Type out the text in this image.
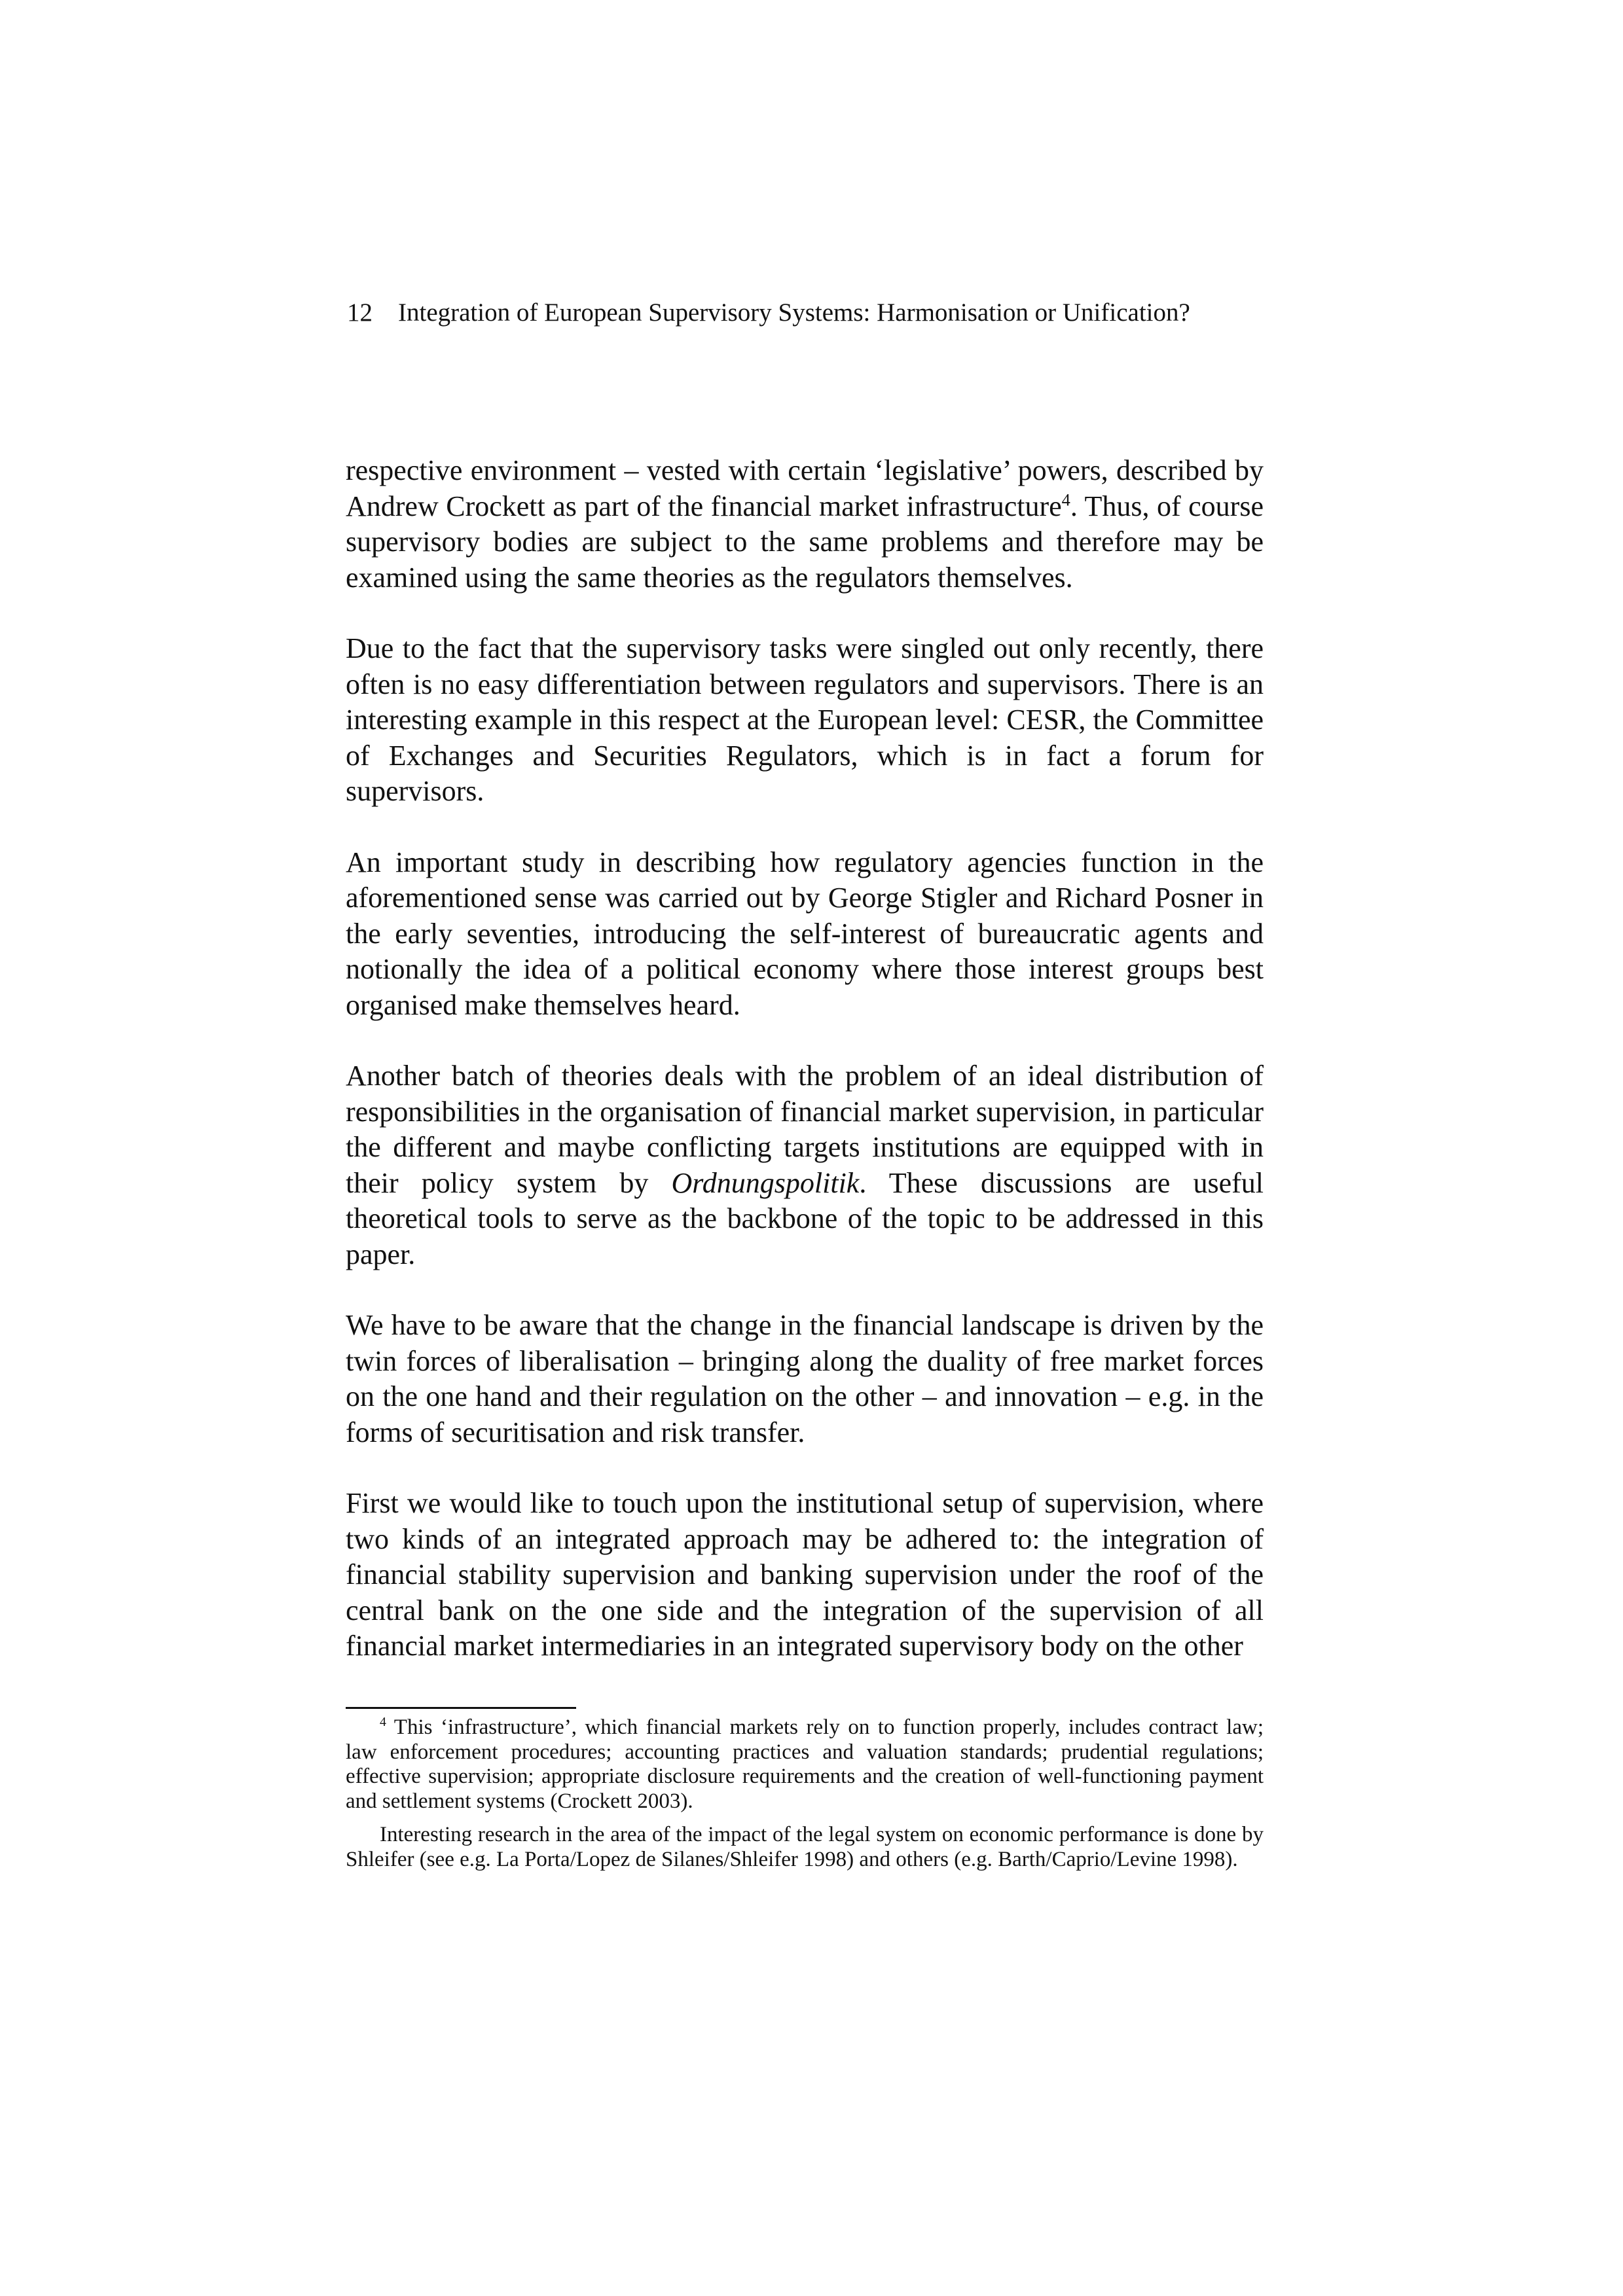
12 Integration of European Supervisory Systems: Harmonisation or Unification?

respective environment – vested with certain ‘legislative’ powers, described by Andrew Crockett as part of the financial market infrastructure$^4$. Thus, of course supervisory bodies are subject to the same problems and therefore may be examined using the same theories as the regulators themselves.

Due to the fact that the supervisory tasks were singled out only recently, there often is no easy differentiation between regulators and supervisors. There is an interesting example in this respect at the European level: CESR, the Committee of Exchanges and Securities Regulators, which is in fact a forum for supervisors.

An important study in describing how regulatory agencies function in the aforementioned sense was carried out by George Stigler and Richard Posner in the early seventies, introducing the self-interest of bureaucratic agents and notionally the idea of a political economy where those interest groups best organised make themselves heard.

Another batch of theories deals with the problem of an ideal distribution of responsibilities in the organisation of financial market supervision, in particular the different and maybe conflicting targets institutions are equipped with in their policy system by Ordnungspolitik. These discussions are useful theoretical tools to serve as the backbone of the topic to be addressed in this paper.

We have to be aware that the change in the financial landscape is driven by the twin forces of liberalisation – bringing along the duality of free market forces on the one hand and their regulation on the other – and innovation – e.g. in the forms of securitisation and risk transfer.

First we would like to touch upon the institutional setup of supervision, where two kinds of an integrated approach may be adhered to: the integration of financial stability supervision and banking supervision under the roof of the central bank on the one side and the integration of the supervision of all financial market intermediaries in an integrated supervisory body on the other

$^4$ This ‘infrastructure’, which financial markets rely on to function properly, includes contract law; law enforcement procedures; accounting practices and valuation standards; prudential regulations; effective supervision; appropriate disclosure requirements and the creation of well-functioning payment and settlement systems (Crockett 2003).

Interesting research in the area of the impact of the legal system on economic performance is done by Shleifer (see e.g. La Porta/Lopez de Silanes/Shleifer 1998) and others (e.g. Barth/Caprio/Levine 1998).
